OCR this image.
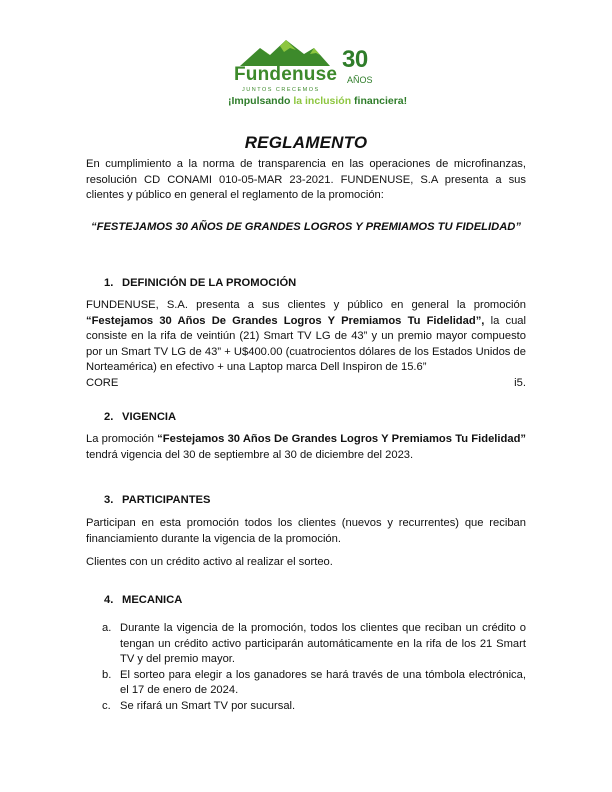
Fundenuse
JUNTOS CRECEMOS
30
AÑOS
¡Impulsando la inclusión financiera!
REGLAMENTO

En cumplimiento a la norma de transparencia en las operaciones de microfinanzas, resolución CD CONAMI 010-05-MAR 23-2021. FUNDENUSE, S.A presenta a sus clientes y público en general el reglamento de la promoción:

“FESTEJAMOS 30 AÑOS DE GRANDES LOGROS Y PREMIAMOS TU FIDELIDAD”

1. DEFINICIÓN DE LA PROMOCIÓN

FUNDENUSE, S.A. presenta a sus clientes y público en general la promoción “Festejamos 30 Años De Grandes Logros Y Premiamos Tu Fidelidad”, la cual consiste en la rifa de veintiún (21) Smart TV LG de 43” y un premio mayor compuesto por un Smart TV LG de 43” + U$400.00 (cuatrocientos dólares de los Estados Unidos de Norteamérica) en efectivo + una Laptop marca Dell Inspiron de 15.6”
CORE	i5.

2. VIGENCIA

La promoción “Festejamos 30 Años De Grandes Logros Y Premiamos Tu Fidelidad” tendrá vigencia del 30 de septiembre al 30 de diciembre del 2023.

3. PARTICIPANTES

Participan en esta promoción todos los clientes (nuevos y recurrentes) que reciban financiamiento durante la vigencia de la promoción.

Clientes con un crédito activo al realizar el sorteo.

4. MECANICA

a. Durante la vigencia de la promoción, todos los clientes que reciban un crédito o tengan un crédito activo participarán automáticamente en la rifa de los 21 Smart TV y del premio mayor.
b. El sorteo para elegir a los ganadores se hará través de una tómbola electrónica, el 17 de enero de 2024.
c. Se rifará un Smart TV por sucursal.
